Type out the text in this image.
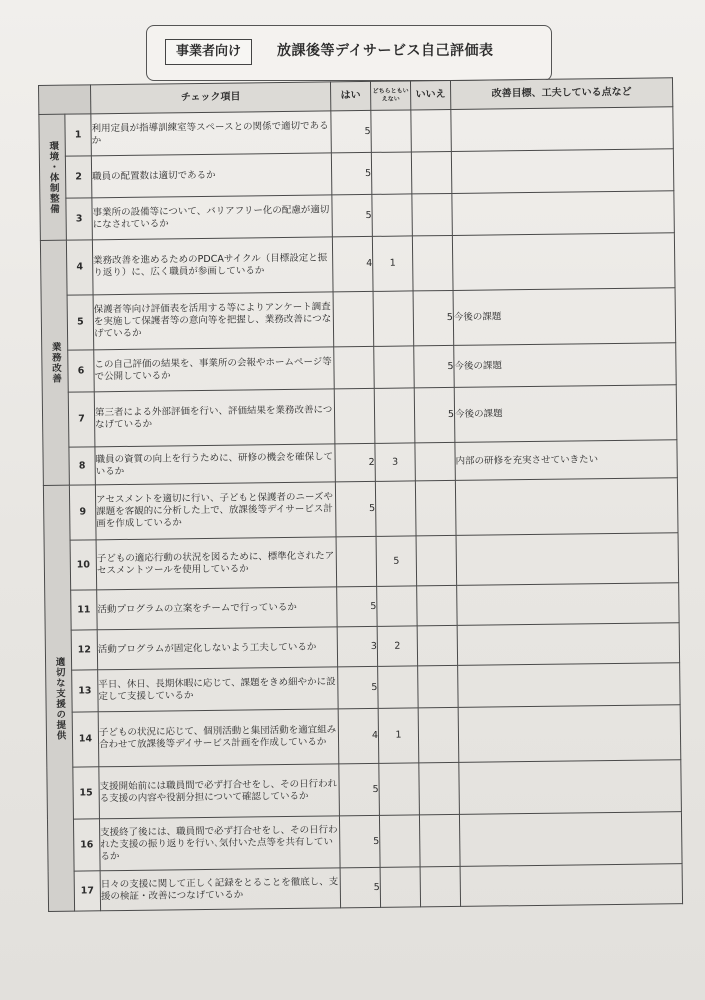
事業者向け	放課後等デイサービス自己評価表
		チェック項目	はい	どちらともいえない	いいえ	改善目標、工夫している点など
環境・体制整備	1	利用定員が指導訓練室等スペースとの関係で適切であるか	5			
	2	職員の配置数は適切であるか	5			
	3	事業所の設備等について、バリアフリー化の配慮が適切になされているか	5			
業務改善	4	業務改善を進めるためのPDCAサイクル（目標設定と振り返り）に、広く職員が参画しているか	4	1		
	5	保護者等向け評価表を活用する等によりアンケート調査を実施して保護者等の意向等を把握し、業務改善につなげているか			5	今後の課題
	6	この自己評価の結果を、事業所の会報やホームページ等で公開しているか			5	今後の課題
	7	第三者による外部評価を行い、評価結果を業務改善につなげているか			5	今後の課題
	8	職員の資質の向上を行うために、研修の機会を確保しているか	2	3		内部の研修を充実させていきたい
適切な支援の提供	9	アセスメントを適切に行い、子どもと保護者のニーズや課題を客観的に分析した上で、放課後等デイサービス計画を作成しているか	5			
	10	子どもの適応行動の状況を図るために、標準化されたアセスメントツールを使用しているか		5		
	11	活動プログラムの立案をチームで行っているか	5			
	12	活動プログラムが固定化しないよう工夫しているか	3	2		
	13	平日、休日、長期休暇に応じて、課題をきめ細やかに設定して支援しているか	5			
	14	子どもの状況に応じて、個別活動と集団活動を適宜組み合わせて放課後等デイサービス計画を作成しているか	4	1		
	15	支援開始前には職員間で必ず打合せをし、その日行われる支援の内容や役割分担について確認しているか	5			
	16	支援終了後には、職員間で必ず打合せをし、その日行われた支援の振り返りを行い､気付いた点等を共有しているか	5			
	17	日々の支援に関して正しく記録をとることを徹底し、支援の検証・改善につなげているか	5			
